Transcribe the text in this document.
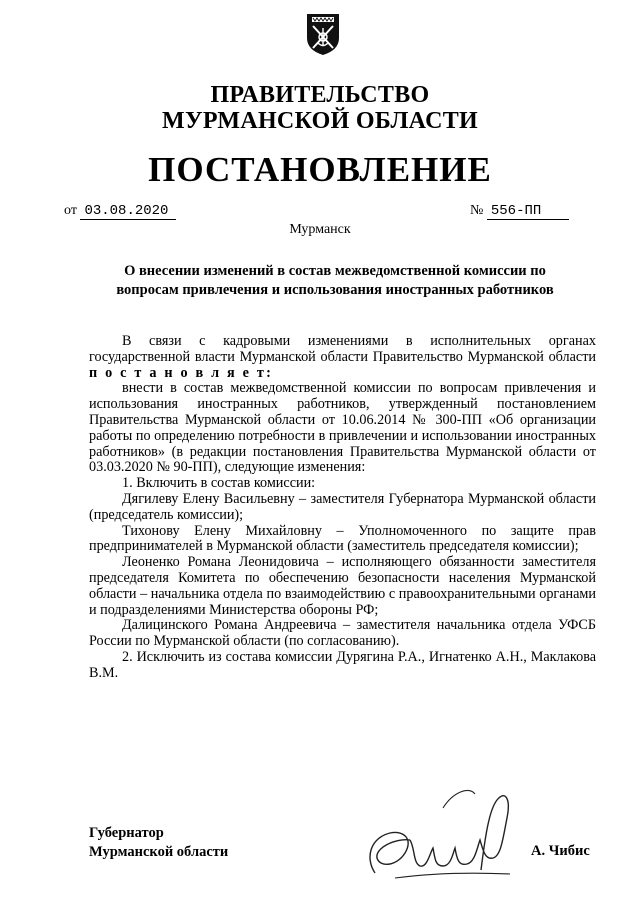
ПРАВИТЕЛЬСТВО
МУРМАНСКОЙ ОБЛАСТИ
ПОСТАНОВЛЕНИЕ
от 03.08.2020	№ 556-ПП
Мурманск
О внесении изменений в состав межведомственной комиссии по
вопросам привлечения и использования иностранных работников

В связи с кадровыми изменениями в исполнительных органах государственной власти Мурманской области Правительство Мурманской области п о с т а н о в л я е т:

внести в состав межведомственной комиссии по вопросам привлечения и использования иностранных работников, утвержденный постановлением Правительства Мурманской области от 10.06.2014 № 300-ПП «Об организации работы по определению потребности в привлечении и использовании иностранных работников» (в редакции постановления Правительства Мурманской области от 03.03.2020 № 90-ПП), следующие изменения:

1. Включить в состав комиссии:

Дягилеву Елену Васильевну – заместителя Губернатора Мурманской области (председатель комиссии);

Тихонову Елену Михайловну – Уполномоченного по защите прав предпринимателей в Мурманской области (заместитель председателя комиссии);

Леоненко Романа Леонидовича – исполняющего обязанности заместителя председателя Комитета по обеспечению безопасности населения Мурманской области – начальника отдела по взаимодействию с правоохранительными органами и подразделениями Министерства обороны РФ;

Далицинского Романа Андреевича – заместителя начальника отдела УФСБ России по Мурманской области (по согласованию).

2. Исключить из состава комиссии Дурягина Р.А., Игнатенко А.Н., Маклакова В.М.

Губернатор
Мурманской области	А. Чибис
